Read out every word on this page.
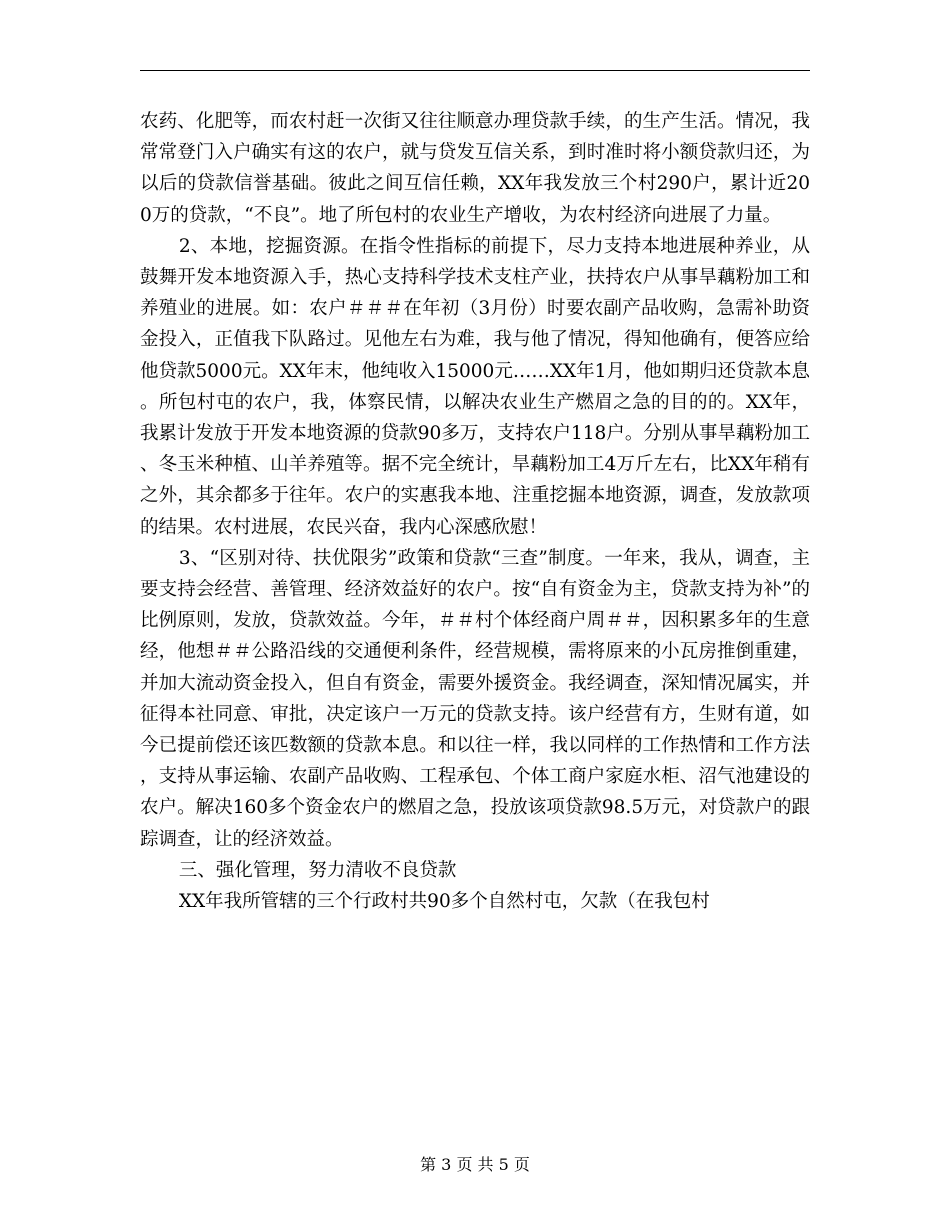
农药、化肥等，而农村赶一次街又往往顺意办理贷款手续，的生产生活。情况，我常常登门入户确实有这的农户，就与贷发互信关系，到时准时将小额贷款归还，为以后的贷款信誉基础。彼此之间互信任赖，XX年我发放三个村290户，累计近200万的贷款，“不良”。地了所包村的农业生产增收，为农村经济向进展了力量。

2、本地，挖掘资源。在指令性指标的前提下，尽力支持本地进展种养业，从鼓舞开发本地资源入手，热心支持科学技术支柱产业，扶持农户从事旱藕粉加工和养殖业的进展。如：农户＃＃＃在年初（3月份）时要农副产品收购，急需补助资金投入，正值我下队路过。见他左右为难，我与他了情况，得知他确有，便答应给他贷款5000元。XX年末，他纯收入15000元……XX年1月，他如期归还贷款本息。所包村屯的农户，我，体察民情，以解决农业生产燃眉之急的目的的。XX年，我累计发放于开发本地资源的贷款90多万，支持农户118户。分别从事旱藕粉加工、冬玉米种植、山羊养殖等。据不完全统计，旱藕粉加工4万斤左右，比XX年稍有之外，其余都多于往年。农户的实惠我本地、注重挖掘本地资源，调查，发放款项的结果。农村进展，农民兴奋，我内心深感欣慰！

3、“区别对待、扶优限劣”政策和贷款“三查”制度。一年来，我从，调查，主要支持会经营、善管理、经济效益好的农户。按“自有资金为主，贷款支持为补”的比例原则，发放，贷款效益。今年，＃＃村个体经商户周＃＃，因积累多年的生意经，他想＃＃公路沿线的交通便利条件，经营规模，需将原来的小瓦房推倒重建，并加大流动资金投入，但自有资金，需要外援资金。我经调查，深知情况属实，并征得本社同意、审批，决定该户一万元的贷款支持。该户经营有方，生财有道，如今已提前偿还该匹数额的贷款本息。和以往一样，我以同样的工作热情和工作方法，支持从事运输、农副产品收购、工程承包、个体工商户家庭水柜、沼气池建设的农户。解决160多个资金农户的燃眉之急，投放该项贷款98.5万元，对贷款户的跟踪调查，让的经济效益。

三、强化管理，努力清收不良贷款

XX年我所管辖的三个行政村共90多个自然村屯，欠款（在我包村

第 3 页 共 5 页
